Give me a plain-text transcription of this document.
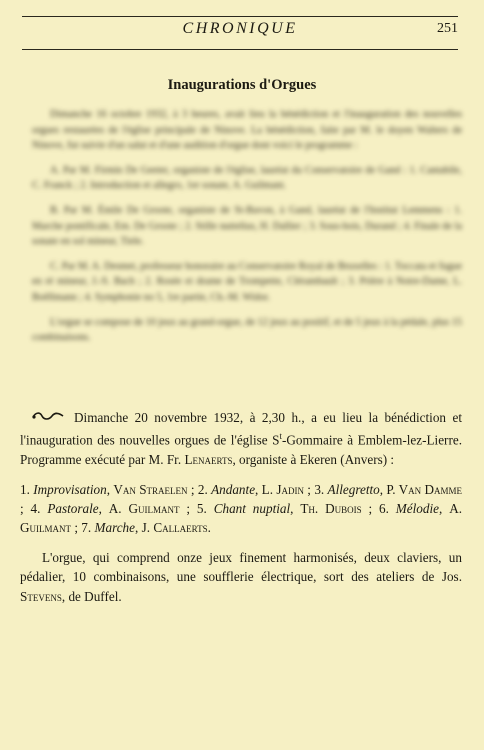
CHRONIQUE	251
Inaugurations d'Orgues

Dimanche 16 octobre 1932, à 3 heures, avait lieu la bénédiction et l'inauguration des nouvelles orgues restaurées de l'église principale de Ninove. La bénédiction, faite par M. le doyen Walters de Ninove, fut suivie d'un salut et d'une audition d'orgue dont voici le programme :

A. Par M. Firmin De Geeter, organiste de l'église, lauréat du Conservatoire de Gand : 1. Cantabile, C. Franck ; 2. Introduction et allegro, 1er sonate, A. Guilmant.

B. Par M. Émile De Groote, organiste de St-Bavon, à Gand, lauréat de l'Institut Lemmens : 1. Marche pontificale, Em. De Groote ; 2. Stille nuttelius, H. Dallier ; 3. Sous-bois, Durand ; 4. Finale de la sonate en sol mineur, Tiele.

C. Par M. A. Desmet, professeur honoraire au Conservatoire Royal de Bruxelles : 1. Toccata et fugue en ré mineur, J.-S. Bach ; 2. Rosée et drame de Trompette, Clérambault ; 3. Prière à Notre-Dame, L. Boëllmann ; 4. Symphonie no 5, 1re partie, Ch.-M. Widor.

L'orgue se compose de 10 jeux au grand-orgue, de 12 jeux au positif, et de 5 jeux à la pédale, plus 15 combinaisons.

Dimanche 20 novembre 1932, à 2,30 h., a eu lieu la bénédiction et l'inauguration des nouvelles orgues de l'église $S^t$-Gommaire à Emblem-lez-Lierre. Programme exécuté par M. Fr. Lenaerts, organiste à Ekeren (Anvers) :

1. Improvisation, Van Straelen ; 2. Andante, L. Jadin ; 3. Allegretto, P. Van Damme ; 4. Pastorale, A. Guilmant ; 5. Chant nuptial, Th. Dubois ; 6. Mélodie, A. Guilmant ; 7. Marche, J. Callaerts.

L'orgue, qui comprend onze jeux finement harmonisés, deux claviers, un pédalier, 10 combinaisons, une soufflerie électrique, sort des ateliers de Jos. Stevens, de Duffel.
